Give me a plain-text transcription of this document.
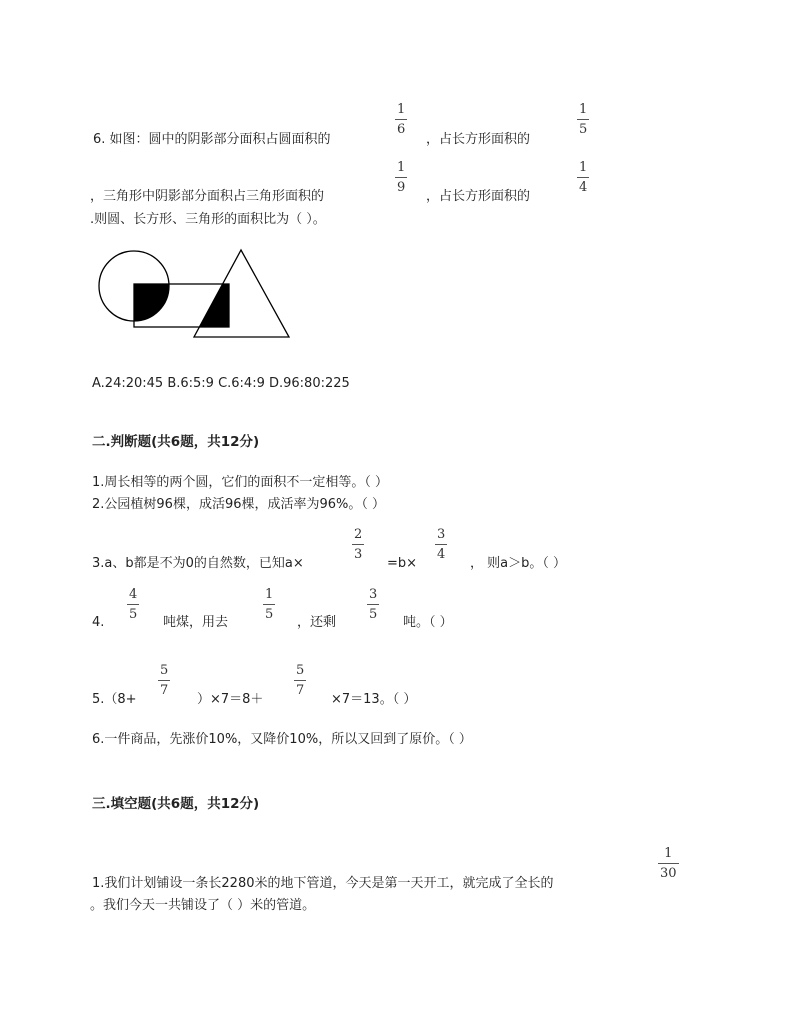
6. 如图：圆中的阴影部分面积占圆面积的
1
6
，占长方形面积的
1
5
，三角形中阴影部分面积占三角形面积的
1
9
，占长方形面积的
1
4
.则圆、长方形、三角形的面积比为（ ）。
A.24:20:45 B.6:5:9 C.6:4:9 D.96:80:225
二.判断题(共6题，共12分)
1.周长相等的两个圆，它们的面积不一定相等。（ ）
2.公园植树96棵，成活96棵，成活率为96%。（ ）
3.a、b都是不为0的自然数，已知a×
2
3
=b×
3
4
， 则a＞b。（ ）
4.
4
5
吨煤，用去
1
5
，还剩
3
5
吨。（ ）
5.（8+
5
7
）×7＝8＋
5
7
×7＝13。（ ）
6.一件商品，先涨价10%，又降价10%，所以又回到了原价。（ ）
三.填空题(共6题，共12分)
1.我们计划铺设一条长2280米的地下管道，今天是第一天开工，就完成了全长的
1
30
。我们今天一共铺设了（ ）米的管道。
